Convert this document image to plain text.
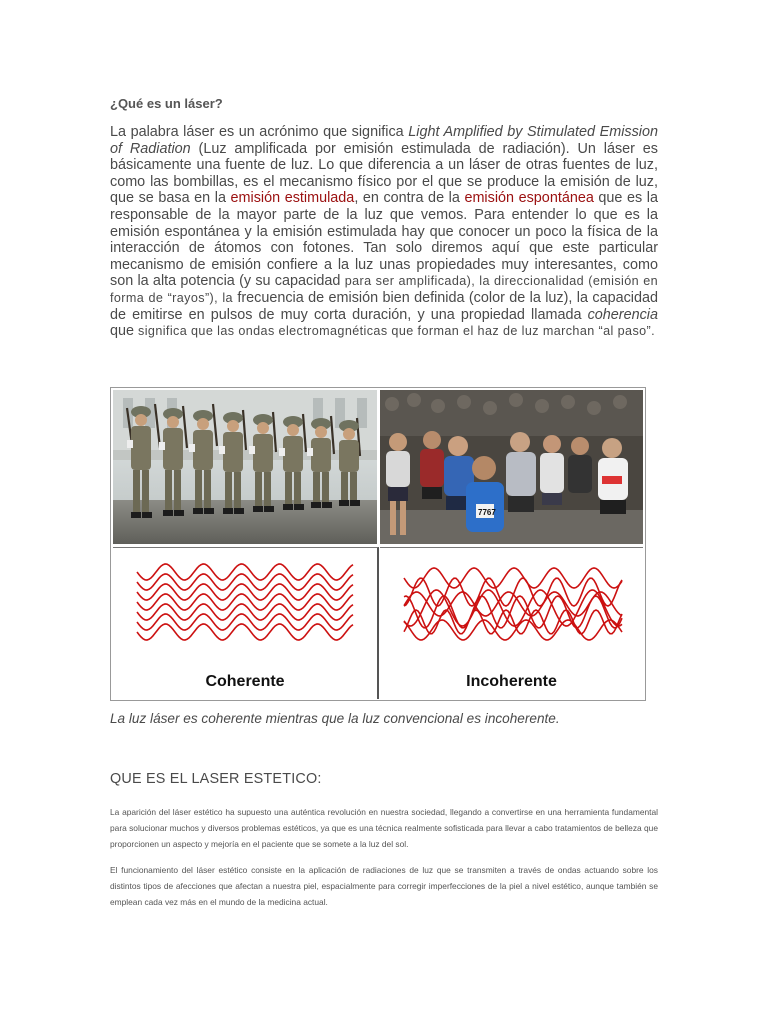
¿Qué es un láser?
La palabra láser es un acrónimo que significa Light Amplified by Stimulated Emission of Radiation (Luz amplificada por emisión estimulada de radiación). Un láser es básicamente una fuente de luz. Lo que diferencia a un láser de otras fuentes de luz, como las bombillas, es el mecanismo físico por el que se produce la emisión de luz, que se basa en la emisión estimulada, en contra de la emisión espontánea que es la responsable de la mayor parte de la luz que vemos. Para entender lo que es la emisión espontánea y la emisión estimulada hay que conocer un poco la física de la interacción de átomos con fotones. Tan solo diremos aquí que este particular mecanismo de emisión confiere a la luz unas propiedades muy interesantes, como son la alta potencia (y su capacidad para ser amplificada), la direccionalidad (emisión en forma de “rayos”), la frecuencia de emisión bien definida (color de la luz), la capacidad de emitirse en pulsos de muy corta duración, y una propiedad llamada coherencia que significa que las ondas electromagnéticas que forman el haz de luz marchan “al paso”.
7767
Coherente	Incoherente
La luz láser es coherente mientras que la luz convencional es incoherente.
QUE ES EL LASER ESTETICO:
La aparición del láser estético ha supuesto una auténtica revolución en nuestra sociedad, llegando a convertirse en una herramienta fundamental para solucionar muchos y diversos problemas estéticos, ya que es una técnica realmente sofisticada para llevar a cabo tratamientos de belleza que proporcionen un aspecto y mejoría en el paciente que se somete a la luz del sol.
El funcionamiento del láser estético consiste en la aplicación de radiaciones de luz que se transmiten a través de ondas actuando sobre los distintos tipos de afecciones que afectan a nuestra piel, espacialmente para corregir imperfecciones de la piel a nivel estético, aunque también se emplean cada vez más en el mundo de la medicina actual.
